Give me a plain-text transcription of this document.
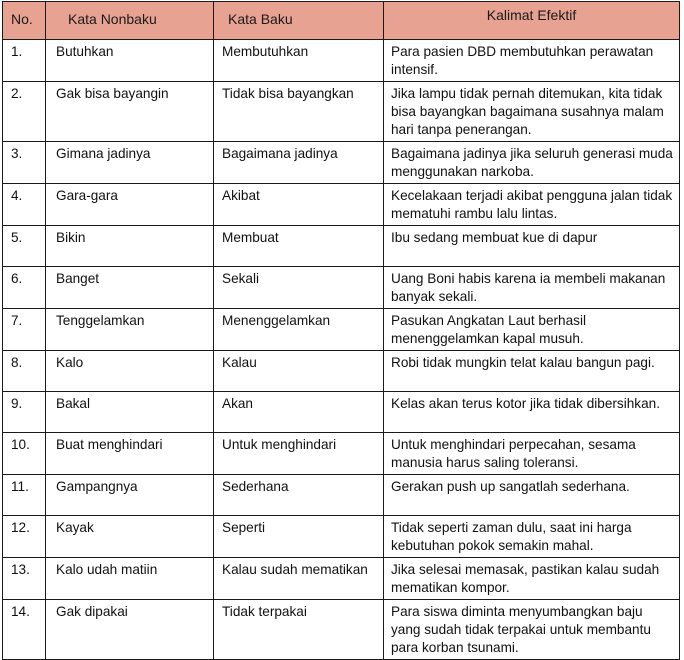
No.	Kata Nonbaku	Kata Baku	Kalimat Efektif
1.	Butuhkan	Membutuhkan	Para pasien DBD membutuhkan perawatan intensif.
2.	Gak bisa bayangin	Tidak bisa bayangkan	Jika lampu tidak pernah ditemukan, kita tidak bisa bayangkan bagaimana susahnya malam hari tanpa penerangan.
3.	Gimana jadinya	Bagaimana jadinya	Bagaimana jadinya jika seluruh generasi muda menggunakan narkoba.
4.	Gara-gara	Akibat	Kecelakaan terjadi akibat pengguna jalan tidak mematuhi rambu lalu lintas.
5.	Bikin	Membuat	Ibu sedang membuat kue di dapur
6.	Banget	Sekali	Uang Boni habis karena ia membeli makanan banyak sekali.
7.	Tenggelamkan	Menenggelamkan	Pasukan Angkatan Laut berhasil menenggelamkan kapal musuh.
8.	Kalo	Kalau	Robi tidak mungkin telat kalau bangun pagi.
9.	Bakal	Akan	Kelas akan terus kotor jika tidak dibersihkan.
10.	Buat menghindari	Untuk menghindari	Untuk menghindari perpecahan, sesama manusia harus saling toleransi.
11.	Gampangnya	Sederhana	Gerakan push up sangatlah sederhana.
12.	Kayak	Seperti	Tidak seperti zaman dulu, saat ini harga kebutuhan pokok semakin mahal.
13.	Kalo udah matiin	Kalau sudah mematikan	Jika selesai memasak, pastikan kalau sudah mematikan kompor.
14.	Gak dipakai	Tidak terpakai	Para siswa diminta menyumbangkan baju yang sudah tidak terpakai untuk membantu para korban tsunami.
